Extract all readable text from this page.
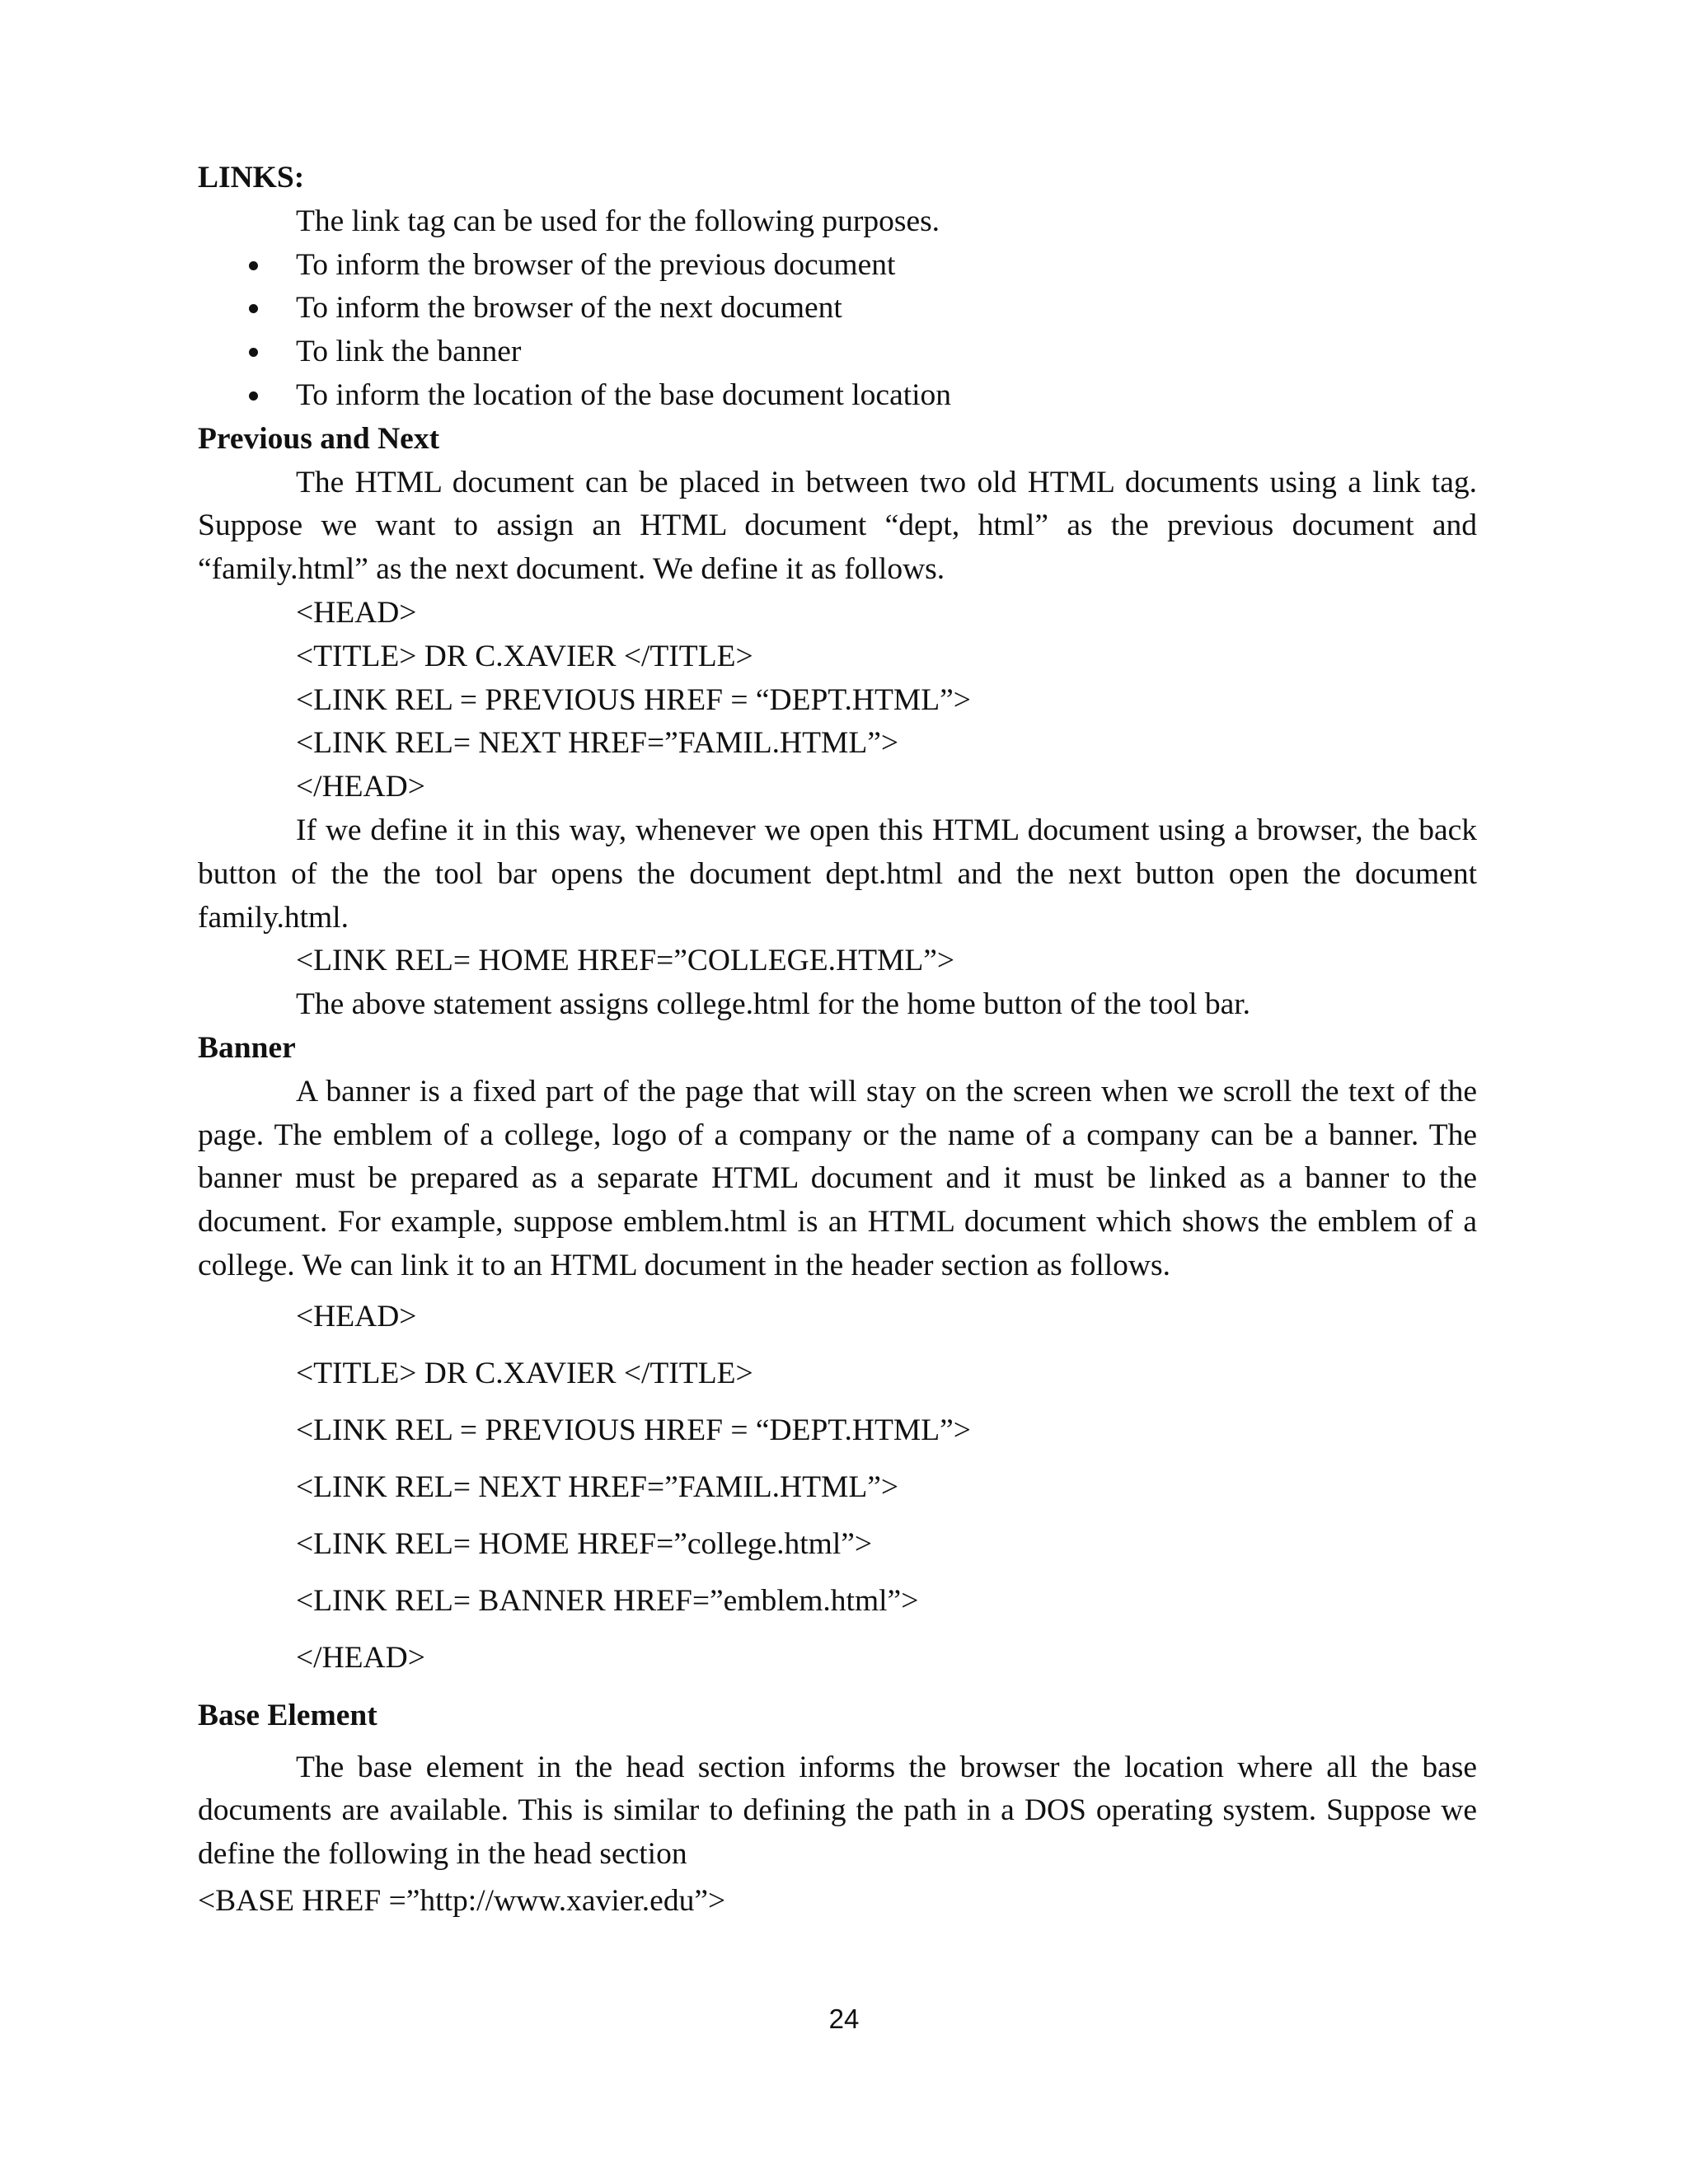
LINKS:
The link tag can be used for the following purposes.
To inform the browser of the previous document
To inform the browser of the next document
To link the banner
To inform the location of the base document location
Previous and Next
The HTML document can be placed in between two old HTML documents using a link tag. Suppose we want to assign an HTML document “dept, html” as the previous document and “family.html” as the next document. We define it as follows.
<HEAD>
<TITLE> DR C.XAVIER </TITLE>
<LINK REL = PREVIOUS HREF = “DEPT.HTML”>
<LINK REL= NEXT HREF=”FAMIL.HTML”>
</HEAD>
If we define it in this way, whenever we open this HTML document using a browser, the back button of the the tool bar opens the document dept.html and the next button open the document family.html.
<LINK REL= HOME HREF=”COLLEGE.HTML”>
The above statement assigns college.html for the home button of the tool bar.
Banner
A banner is a fixed part of the page that will stay on the screen when we scroll the text of the page. The emblem of a college, logo of a company or the name of a company can be a banner. The banner must be prepared as a separate HTML document and it must be linked as a banner to the document. For example, suppose emblem.html is an HTML document which shows the emblem of a college. We can link it to an HTML document in the header section as follows.
<HEAD>
<TITLE> DR C.XAVIER </TITLE>
<LINK REL = PREVIOUS HREF = “DEPT.HTML”>
<LINK REL= NEXT HREF=”FAMIL.HTML”>
<LINK REL= HOME HREF=”college.html”>
<LINK REL= BANNER HREF=”emblem.html”>
</HEAD>
Base Element
The base element in the head section informs the browser the location where all the base documents are available. This is similar to defining the path in a DOS operating system. Suppose we define the following in the head section
<BASE HREF =”http://www.xavier.edu”>
24
